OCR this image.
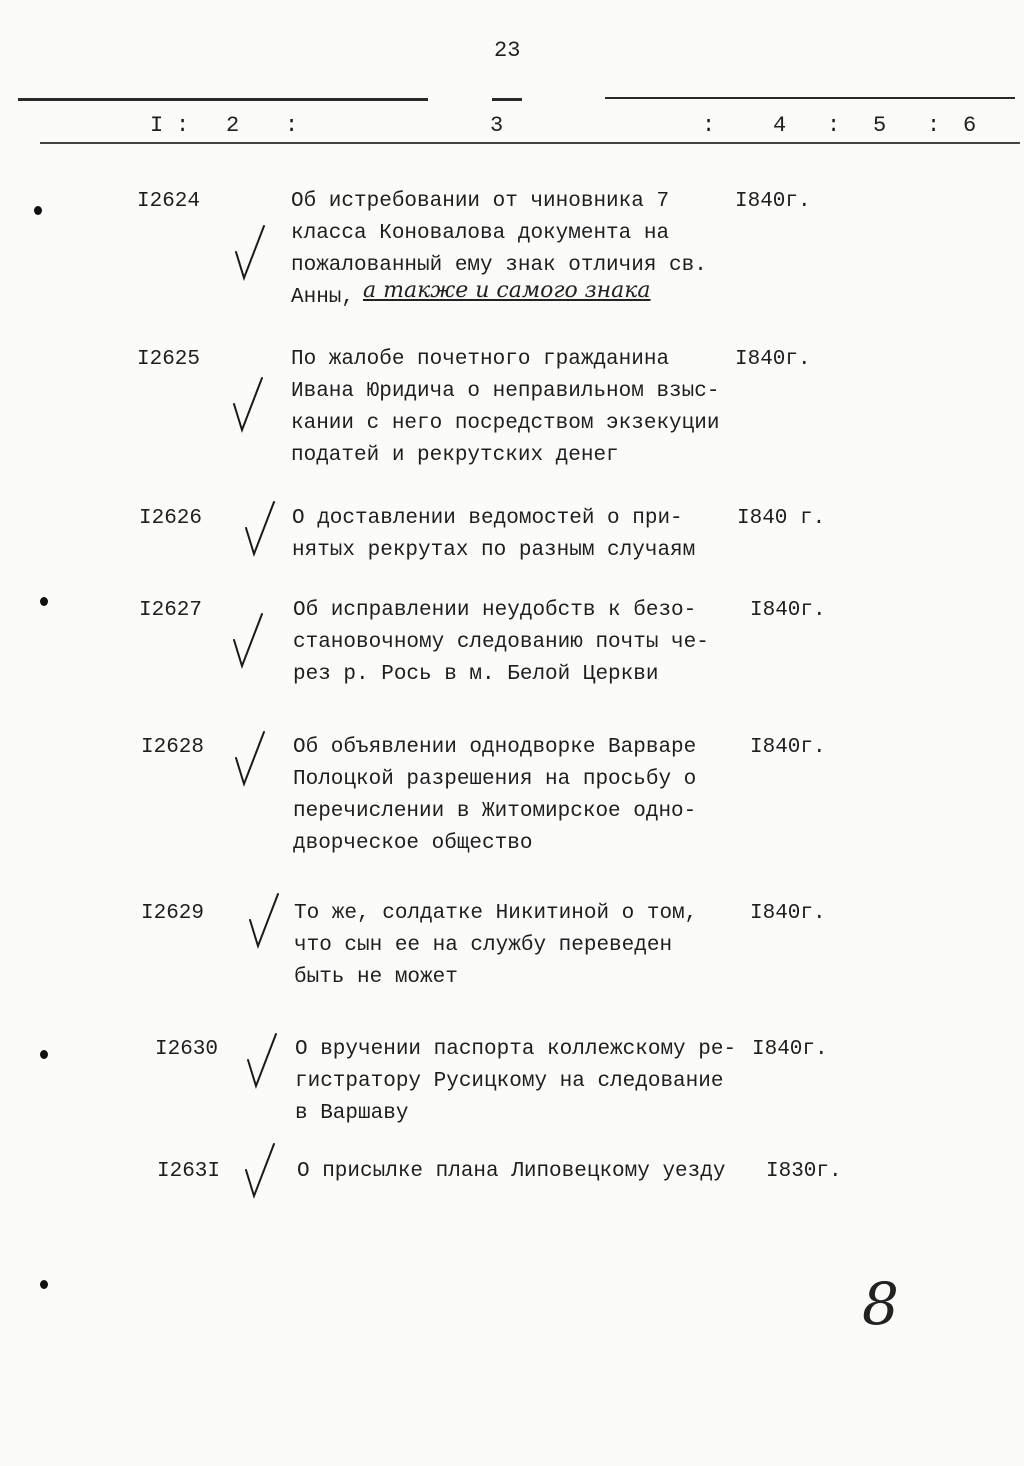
23
I : 2 :	3	:	4 : 5 : 6
I2624	Об истребовании от чиновника 7
класса Коновалова документа на
пожалованный ему знак отличия св.
Анны, а также и самого знака
I840г.
I2625	По жалобе почетного гражданина
Ивана Юридича о неправильном взыс-
кании с него посредством экзекуции
податей и рекрутских денег
I840г.
I2626	О доставлении ведомостей о при-
нятых рекрутах по разным случаям
I840 г.
I2627	Об исправлении неудобств к безо-
становочному следованию почты че-
рез р. Рось в м. Белой Церкви
I840г.
I2628	Об объявлении однодворке Варваре
Полоцкой разрешения на просьбу о
перечислении в Житомирское одно-
дворческое общество
I840г.
I2629	То же, солдатке Никитиной о том,
что сын ее на службу переведен
быть не может
I840г.
I2630	О вручении паспорта коллежскому ре-
гистратору Русицкому на следование
в Варшаву
I840г.
I263I	О присылке плана Липовецкому уезду I830г.
8
